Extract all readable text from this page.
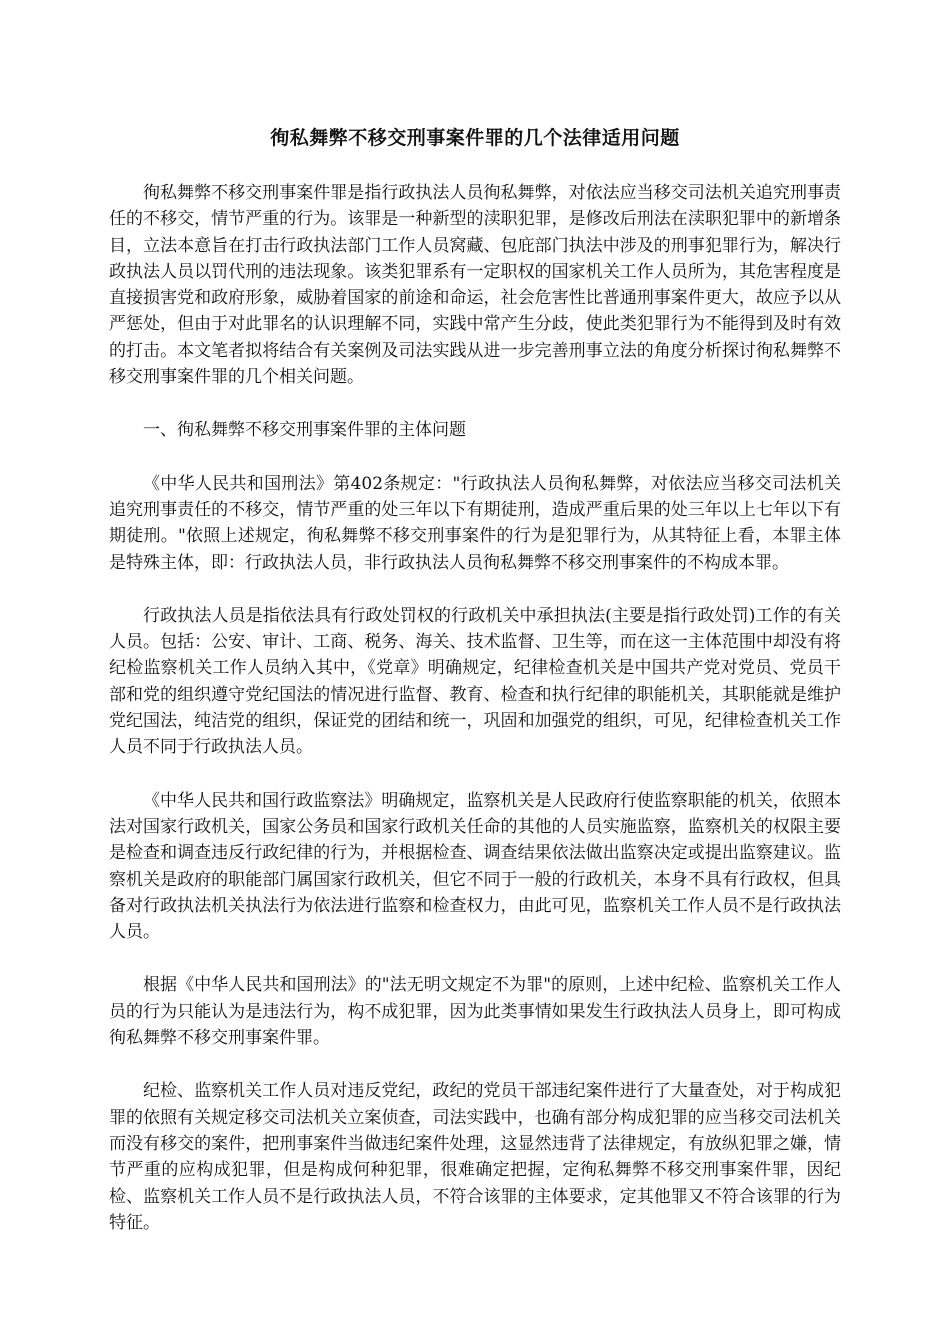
徇私舞弊不移交刑事案件罪的几个法律适用问题

徇私舞弊不移交刑事案件罪是指行政执法人员徇私舞弊，对依法应当移交司法机关追究刑事责任的不移交，情节严重的行为。该罪是一种新型的渎职犯罪，是修改后刑法在渎职犯罪中的新增条目，立法本意旨在打击行政执法部门工作人员窝藏、包庇部门执法中涉及的刑事犯罪行为，解决行政执法人员以罚代刑的违法现象。该类犯罪系有一定职权的国家机关工作人员所为，其危害程度是直接损害党和政府形象，威胁着国家的前途和命运，社会危害性比普通刑事案件更大，故应予以从严惩处，但由于对此罪名的认识理解不同，实践中常产生分歧，使此类犯罪行为不能得到及时有效的打击。本文笔者拟将结合有关案例及司法实践从进一步完善刑事立法的角度分析探讨徇私舞弊不移交刑事案件罪的几个相关问题。

一、徇私舞弊不移交刑事案件罪的主体问题

《中华人民共和国刑法》第402条规定："行政执法人员徇私舞弊，对依法应当移交司法机关追究刑事责任的不移交，情节严重的处三年以下有期徒刑，造成严重后果的处三年以上七年以下有期徒刑。"依照上述规定，徇私舞弊不移交刑事案件的行为是犯罪行为，从其特征上看，本罪主体是特殊主体，即：行政执法人员，非行政执法人员徇私舞弊不移交刑事案件的不构成本罪。

行政执法人员是指依法具有行政处罚权的行政机关中承担执法(主要是指行政处罚)工作的有关人员。包括：公安、审计、工商、税务、海关、技术监督、卫生等，而在这一主体范围中却没有将纪检监察机关工作人员纳入其中，《党章》明确规定，纪律检查机关是中国共产党对党员、党员干部和党的组织遵守党纪国法的情况进行监督、教育、检查和执行纪律的职能机关，其职能就是维护党纪国法，纯洁党的组织，保证党的团结和统一，巩固和加强党的组织，可见，纪律检查机关工作人员不同于行政执法人员。

《中华人民共和国行政监察法》明确规定，监察机关是人民政府行使监察职能的机关，依照本法对国家行政机关，国家公务员和国家行政机关任命的其他的人员实施监察，监察机关的权限主要是检查和调查违反行政纪律的行为，并根据检查、调查结果依法做出监察决定或提出监察建议。监察机关是政府的职能部门属国家行政机关，但它不同于一般的行政机关，本身不具有行政权，但具备对行政执法机关执法行为依法进行监察和检查权力，由此可见，监察机关工作人员不是行政执法人员。

根据《中华人民共和国刑法》的"法无明文规定不为罪"的原则，上述中纪检、监察机关工作人员的行为只能认为是违法行为，构不成犯罪，因为此类事情如果发生行政执法人员身上，即可构成徇私舞弊不移交刑事案件罪。

纪检、监察机关工作人员对违反党纪，政纪的党员干部违纪案件进行了大量查处，对于构成犯罪的依照有关规定移交司法机关立案侦查，司法实践中，也确有部分构成犯罪的应当移交司法机关而没有移交的案件，把刑事案件当做违纪案件处理，这显然违背了法律规定，有放纵犯罪之嫌，情节严重的应构成犯罪，但是构成何种犯罪，很难确定把握，定徇私舞弊不移交刑事案件罪，因纪检、监察机关工作人员不是行政执法人员，不符合该罪的主体要求，定其他罪又不符合该罪的行为特征。
